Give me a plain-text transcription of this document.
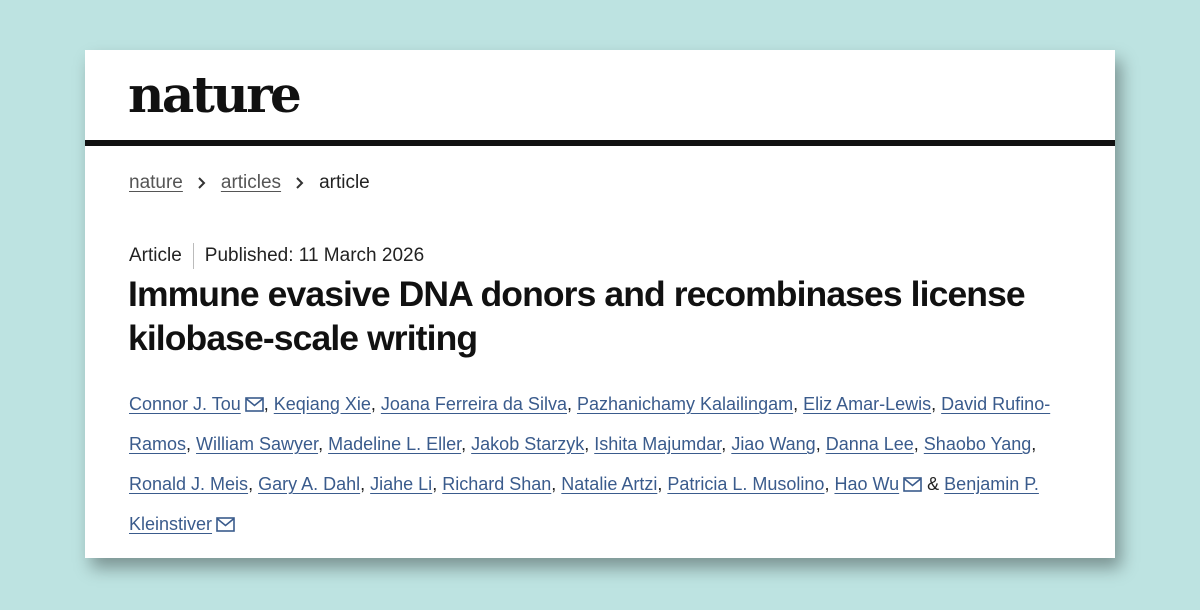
nature
nature articles article
Article Published: 11 March 2026
Immune evasive DNA donors and recombinases license kilobase-scale writing

Connor J. Tou , Keqiang Xie, Joana Ferreira da Silva, Pazhanichamy Kalailingam, Eliz Amar-Lewis, David Rufino-Ramos, William Sawyer, Madeline L. Eller, Jakob Starzyk, Ishita Majumdar, Jiao Wang, Danna Lee, Shaobo Yang, Ronald J. Meis, Gary A. Dahl, Jiahe Li, Richard Shan, Natalie Artzi, Patricia L. Musolino, Hao Wu & Benjamin P. Kleinstiver
